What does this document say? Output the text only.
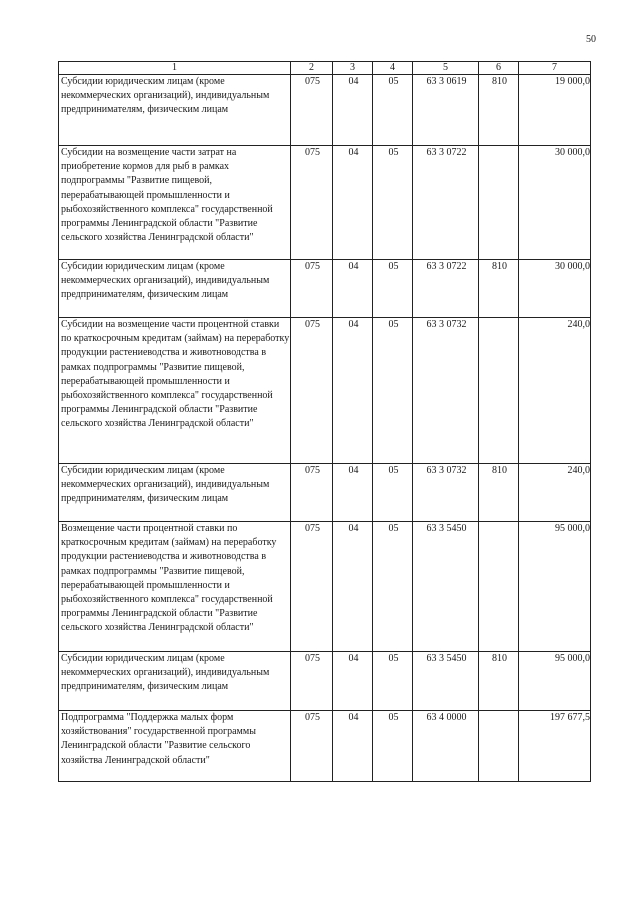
50
1	2	3	4	5	6	7
Субсидии юридическим лицам (кроме некоммерческих организаций), индивидуальным предпринимателям, физическим лицам	075	04	05	63 3 0619	810	19 000,0
Субсидии на возмещение части затрат на приобретение кормов для рыб в рамках подпрограммы "Развитие пищевой, перерабатывающей промышленности и рыбохозяйственного комплекса" государственной программы Ленинградской области "Развитие сельского хозяйства Ленинградской области"	075	04	05	63 3 0722		30 000,0
Субсидии юридическим лицам (кроме некоммерческих организаций), индивидуальным предпринимателям, физическим лицам	075	04	05	63 3 0722	810	30 000,0
Субсидии на возмещение части процентной ставки по краткосрочным кредитам (займам) на переработку продукции растениеводства и животноводства в рамках подпрограммы "Развитие пищевой, перерабатывающей промышленности и рыбохозяйственного комплекса" государственной программы Ленинградской области "Развитие сельского хозяйства Ленинградской области"	075	04	05	63 3 0732		240,0
Субсидии юридическим лицам (кроме некоммерческих организаций), индивидуальным предпринимателям, физическим лицам	075	04	05	63 3 0732	810	240,0
Возмещение части процентной ставки по краткосрочным кредитам (займам) на переработку продукции растениеводства и животноводства в рамках подпрограммы "Развитие пищевой, перерабатывающей промышленности и рыбохозяйственного комплекса" государственной программы Ленинградской области "Развитие сельского хозяйства Ленинградской области"	075	04	05	63 3 5450		95 000,0
Субсидии юридическим лицам (кроме некоммерческих организаций), индивидуальным предпринимателям, физическим лицам	075	04	05	63 3 5450	810	95 000,0
Подпрограмма "Поддержка малых форм хозяйствования" государственной программы Ленинградской области "Развитие сельского хозяйства Ленинградской области"	075	04	05	63 4 0000		197 677,5
